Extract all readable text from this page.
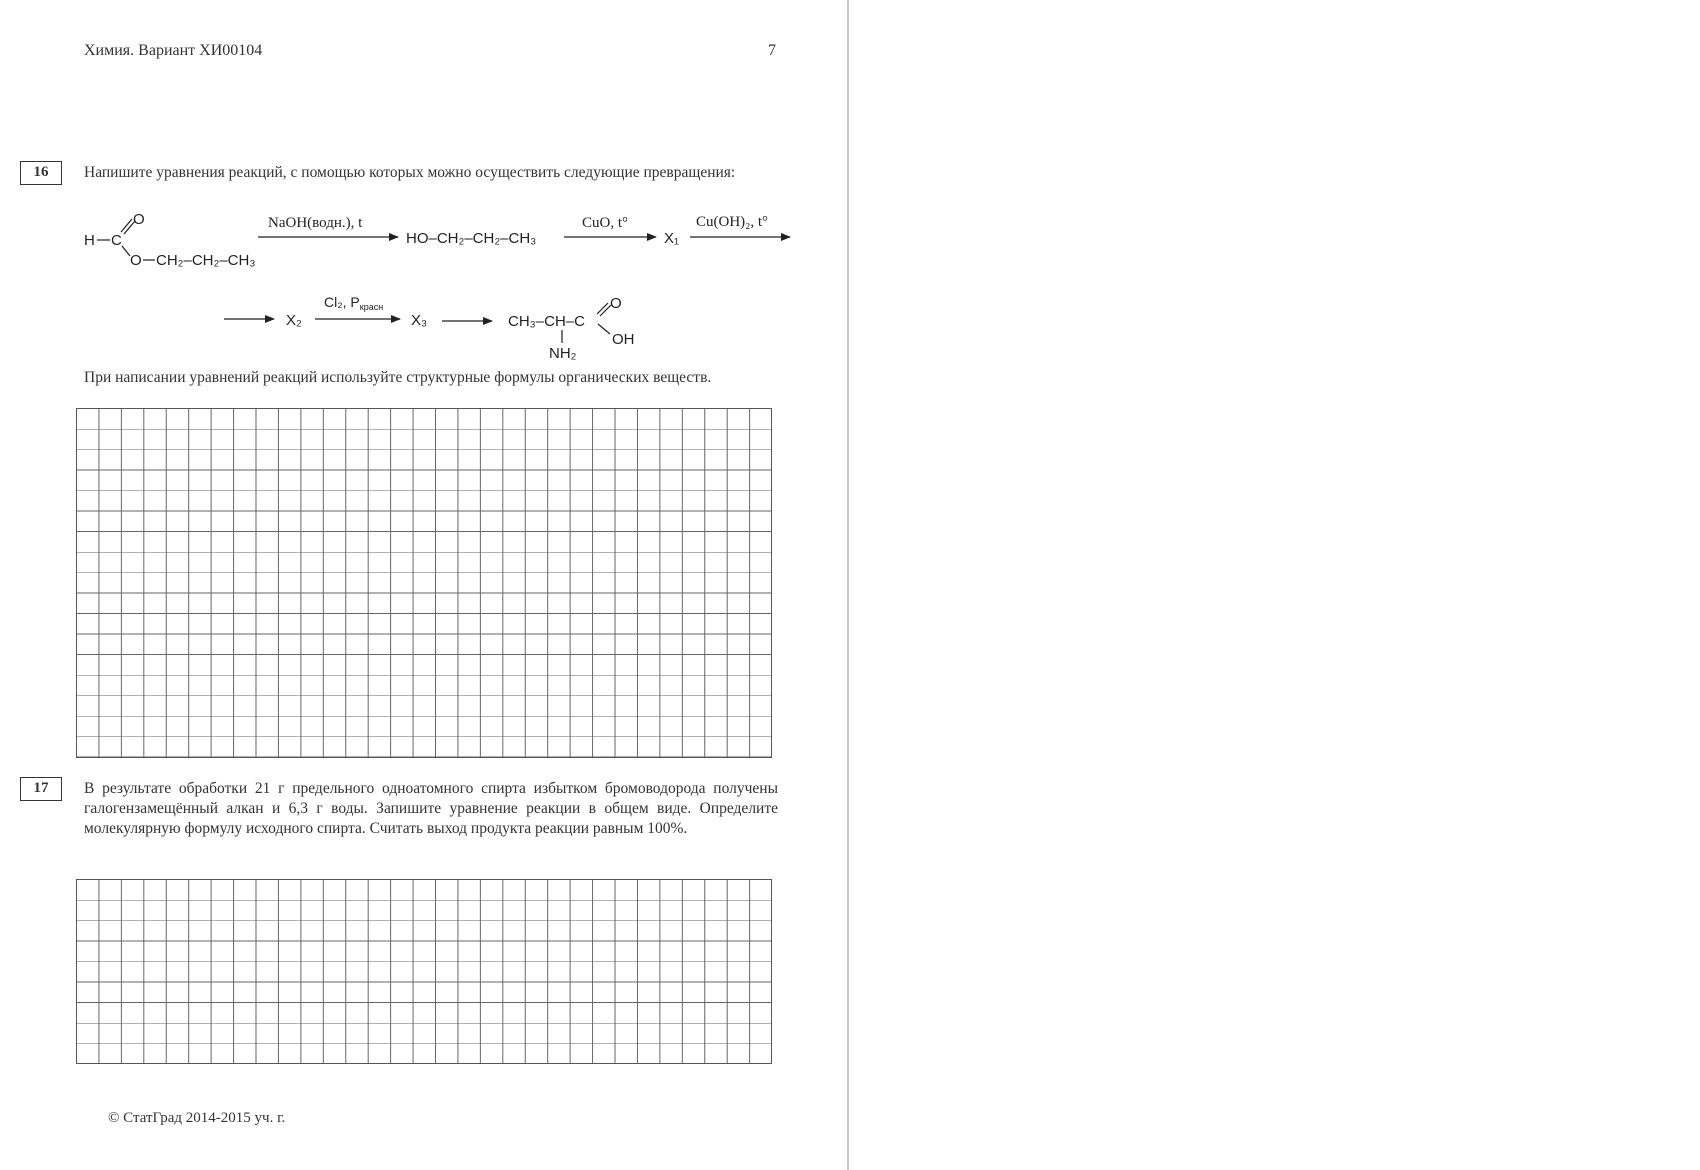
Химия. Вариант ХИ00104	7
16	Напишите уравнения реакций, с помощью которых можно осуществить следующие превращения:
H C
O
O CH₂–CH₂–CH₃
NaOH(водн.), t
HO–CH₂–CH₂–CH₃
CuO, t°
X₁
Cu(OH)₂, t°
X₂
Cl₂, $P_{красн}$
X₃	CH₃–CH–C
O
OH
NH₂
При написании уравнений реакций используйте структурные формулы органических веществ.
17	В результате обработки 21 г предельного одноатомного спирта избытком бромоводорода получены галогензамещённый алкан и 6,3 г воды. Запишите уравнение реакции в общем виде. Определите молекулярную формулу исходного спирта. Считать выход продукта реакции равным 100%.
© СтатГрад 2014-2015 уч. г.
